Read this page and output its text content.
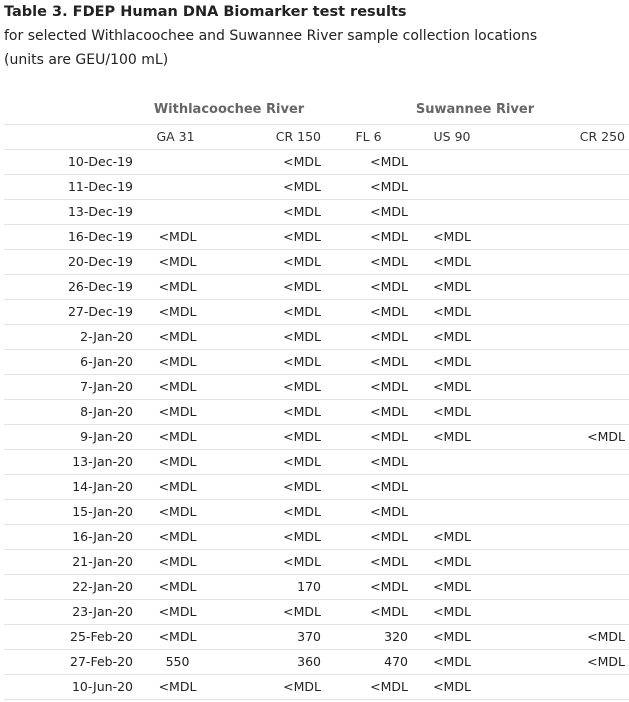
Table 3. FDEP Human DNA Biomarker test results

for selected Withlacoochee and Suwannee River sample collection locations

(units are GEU/100 mL)

	Withlacoochee River		Suwannee River		
	GA 31	CR 150	FL 6	US 90	CR 250
10-Dec-19		<MDL	<MDL		
11-Dec-19		<MDL	<MDL		
13-Dec-19		<MDL	<MDL		
16-Dec-19	<MDL	<MDL	<MDL	<MDL	
20-Dec-19	<MDL	<MDL	<MDL	<MDL	
26-Dec-19	<MDL	<MDL	<MDL	<MDL	
27-Dec-19	<MDL	<MDL	<MDL	<MDL	
2-Jan-20	<MDL	<MDL	<MDL	<MDL	
6-Jan-20	<MDL	<MDL	<MDL	<MDL	
7-Jan-20	<MDL	<MDL	<MDL	<MDL	
8-Jan-20	<MDL	<MDL	<MDL	<MDL	
9-Jan-20	<MDL	<MDL	<MDL	<MDL	<MDL
13-Jan-20	<MDL	<MDL	<MDL		
14-Jan-20	<MDL	<MDL	<MDL		
15-Jan-20	<MDL	<MDL	<MDL		
16-Jan-20	<MDL	<MDL	<MDL	<MDL	
21-Jan-20	<MDL	<MDL	<MDL	<MDL	
22-Jan-20	<MDL	170	<MDL	<MDL	
23-Jan-20	<MDL	<MDL	<MDL	<MDL	
25-Feb-20	<MDL	370	320	<MDL	<MDL
27-Feb-20	550	360	470	<MDL	<MDL
10-Jun-20	<MDL	<MDL	<MDL	<MDL	
